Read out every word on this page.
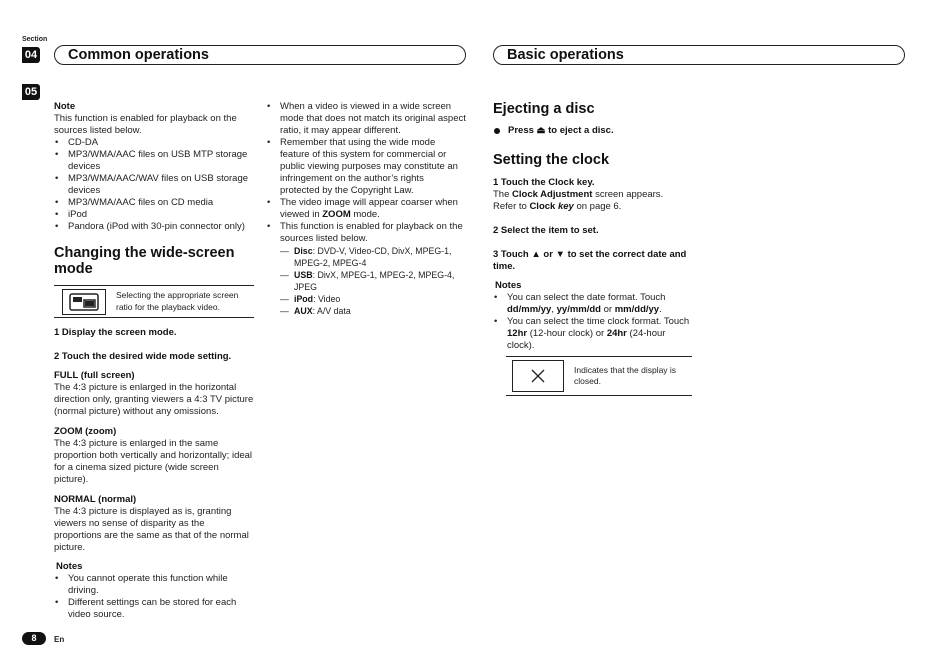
Section
04
05
Common operations	Basic operations

Note

This function is enabled for playback on the sources listed below.

• CD-DA
• MP3/WMA/AAC files on USB MTP storage devices
• MP3/WMA/AAC/WAV files on USB storage devices
• MP3/WMA/AAC files on CD media
• iPod
• Pandora (iPod with 30-pin connector only)

Changing the wide-screen mode

Selecting the appropriate screen ratio for the playback video.

1 Display the screen mode.

2 Touch the desired wide mode setting.

FULL (full screen)

The 4:3 picture is enlarged in the horizontal direction only, granting viewers a 4:3 TV picture (normal picture) without any omissions.

ZOOM (zoom)

The 4:3 picture is enlarged in the same proportion both vertically and horizontally; ideal for a cinema sized picture (wide screen picture).

NORMAL (normal)

The 4:3 picture is displayed as is, granting viewers no sense of disparity as the proportions are the same as that of the normal picture.

Notes

• You cannot operate this function while driving.
• Different settings can be stored for each video source.
• When a video is viewed in a wide screen mode that does not match its original aspect ratio, it may appear different.
• Remember that using the wide mode feature of this system for commercial or public viewing purposes may constitute an infringement on the author’s rights protected by the Copyright Law.
• The video image will appear coarser when viewed in ZOOM mode.
• This function is enabled for playback on the sources listed below.
— Disc: DVD-V, Video-CD, DivX, MPEG-1, MPEG-2, MPEG-4
— USB: DivX, MPEG-1, MPEG-2, MPEG-4, JPEG
— iPod: Video
— AUX: A/V data

Ejecting a disc

Press ⏏ to eject a disc.

Setting the clock

1 Touch the Clock key.

The Clock Adjustment screen appears.

Refer to Clock key on page 6.

2 Select the item to set.

3 Touch ▲ or ▼ to set the correct date and time.

Notes

• You can select the date format. Touch dd/mm/yy, yy/mm/dd or mm/dd/yy.
• You can select the time clock format. Touch 12hr (12-hour clock) or 24hr (24-hour clock).
Indicates that the display is closed.
8	En
